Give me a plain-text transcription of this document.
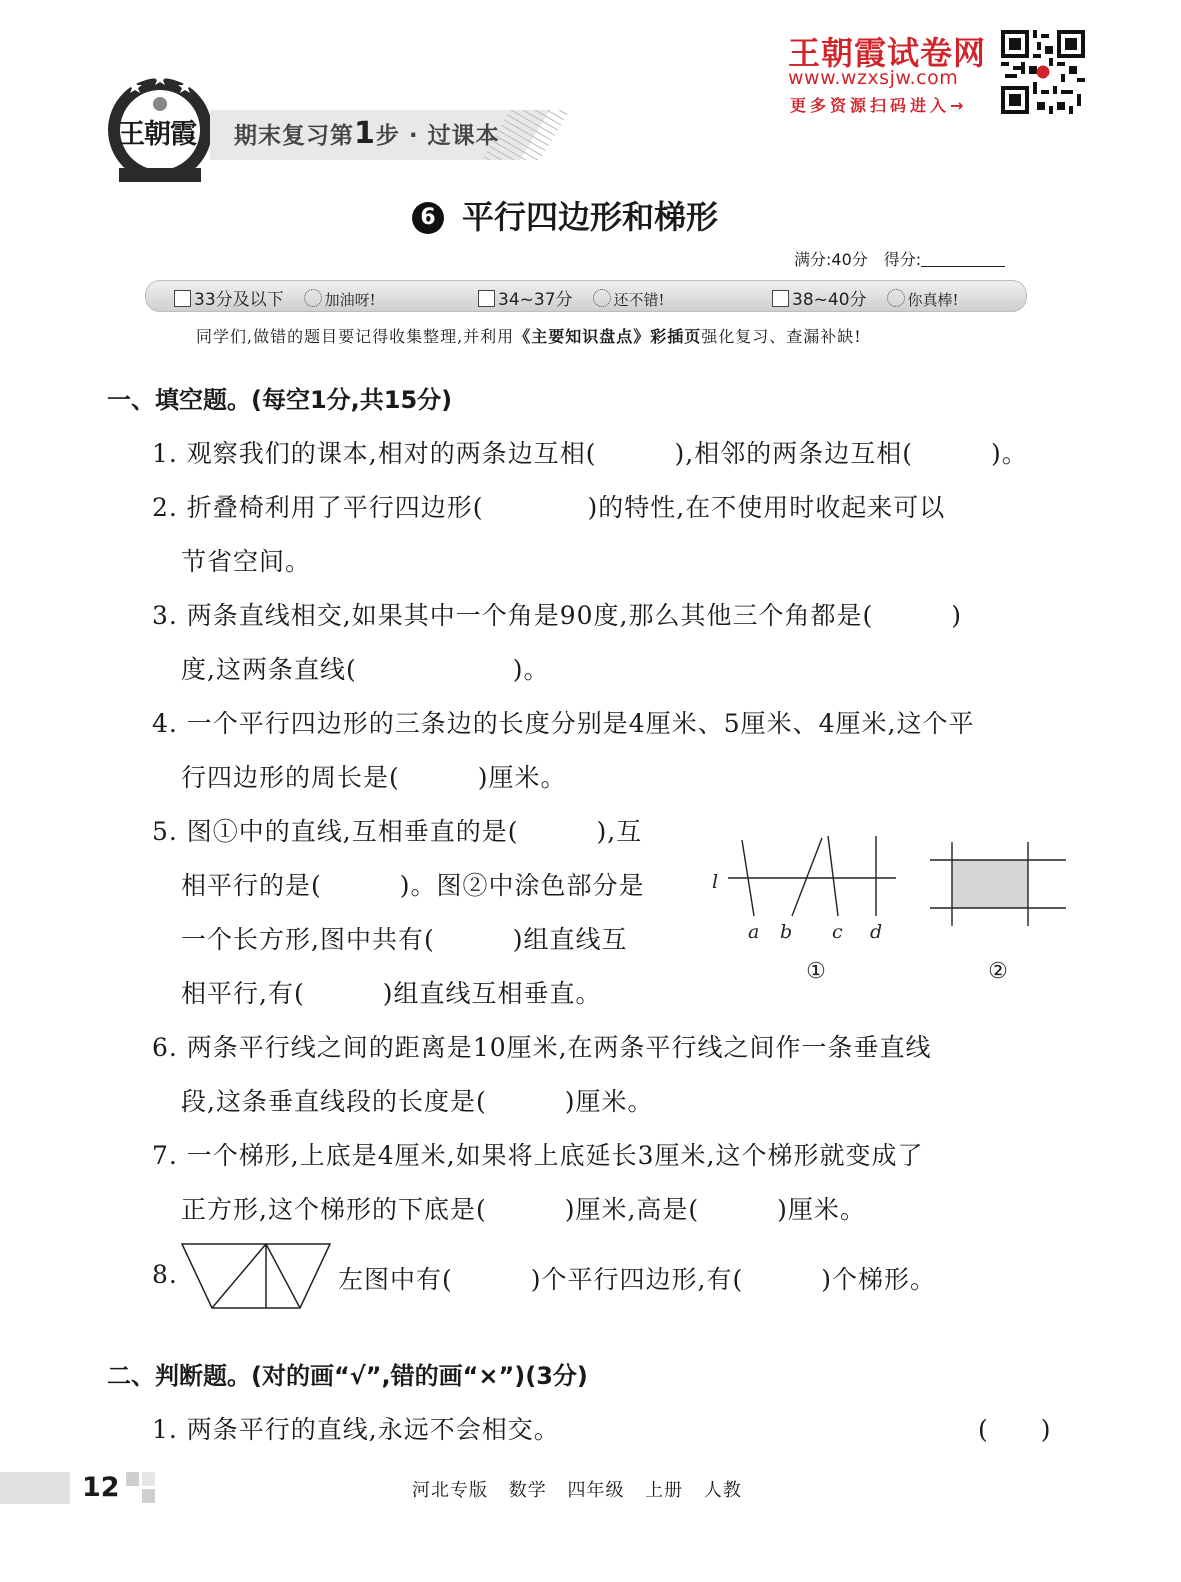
王朝霞 期末复习第1步 · 过课本
王朝霞试卷网
www.wzxsjw.com
更多资源扫码进入→
6 平行四边形和梯形
满分:40分　 得分:
33分及以下	加油呀!	34~37分	还不错!	38~40分	你真棒!
同学们,做错的题目要记得收集整理,并利用《主要知识盘点》彩插页强化复习、查漏补缺!
一、填空题。(每空1分,共15分)
1. 观察我们的课本,相对的两条边互相(　　　),相邻的两条边互相(　　　)。
2. 折叠椅利用了平行四边形(　　　　)的特性,在不使用时收起来可以
节省空间。
3. 两条直线相交,如果其中一个角是90度,那么其他三个角都是(　　　)
度,这两条直线(　　　　　　)。
4. 一个平行四边形的三条边的长度分别是4厘米、5厘米、4厘米,这个平
行四边形的周长是(　　　)厘米。
5. 图①中的直线,互相垂直的是(　　　),互
相平行的是(　　　)。图②中涂色部分是
一个长方形,图中共有(　　　)组直线互
相平行,有(　　　)组直线互相垂直。
l
a b c d
①	②
6. 两条平行线之间的距离是10厘米,在两条平行线之间作一条垂直线
段,这条垂直线段的长度是(　　　)厘米。
7. 一个梯形,上底是4厘米,如果将上底延长3厘米,这个梯形就变成了
正方形,这个梯形的下底是(　　　)厘米,高是(　　　)厘米。
8.	左图中有(　　　)个平行四边形,有(　　　)个梯形。
二、判断题。(对的画“√”,错的画“×”)(3分)
1. 两条平行的直线,永远不会相交。	(　　)
12	河北专版 数学 四年级 上册 人教
